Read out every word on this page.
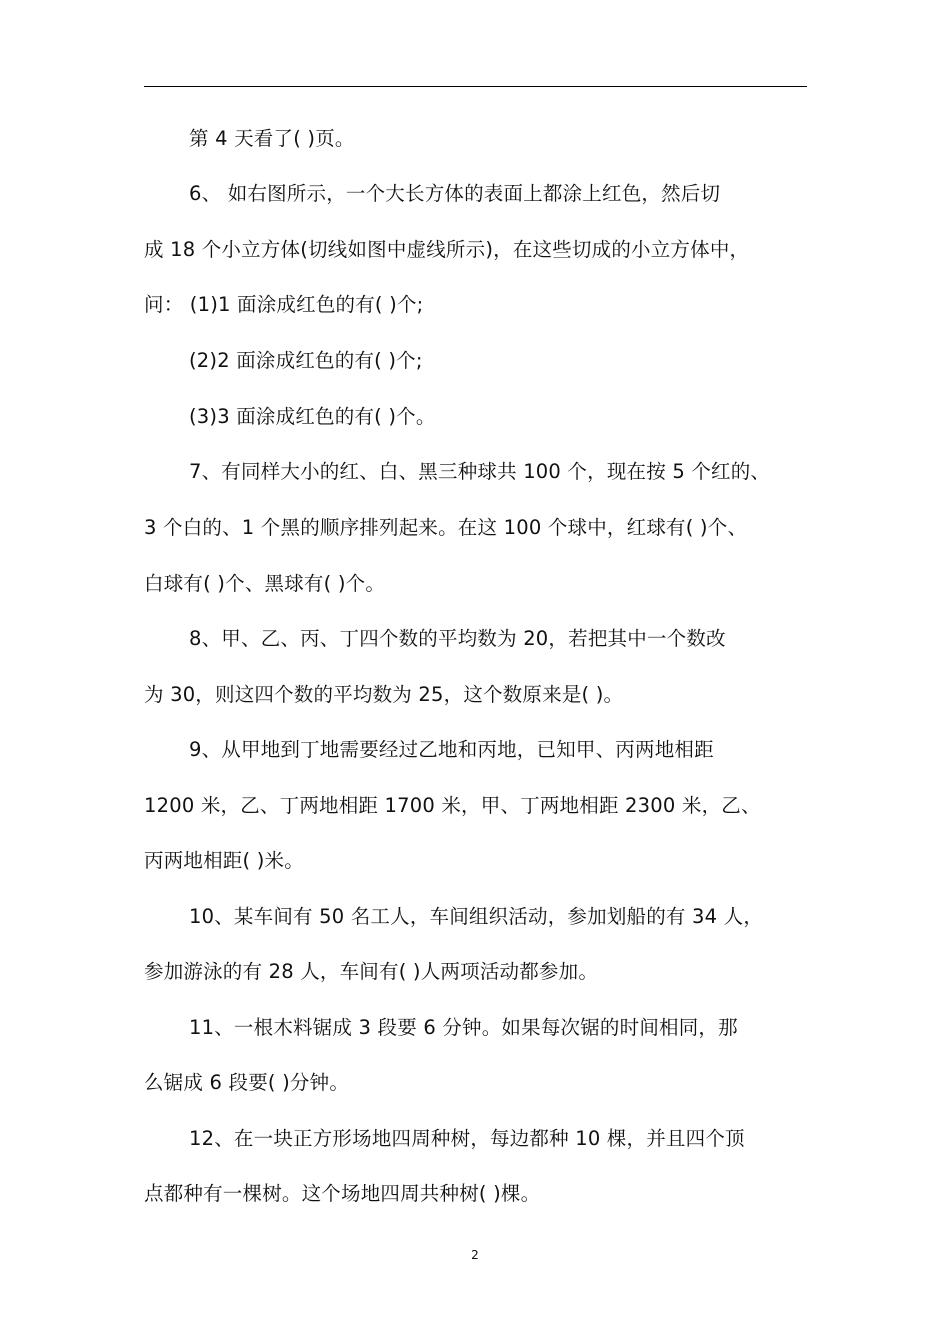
第 4 天看了( )页。
6、 如右图所示，一个大长方体的表面上都涂上红色，然后切
成 18 个小立方体(切线如图中虚线所示)，在这些切成的小立方体中，
问： (1)1 面涂成红色的有( )个;
(2)2 面涂成红色的有( )个;
(3)3 面涂成红色的有( )个。
7、有同样大小的红、白、黑三种球共 100 个，现在按 5 个红的、
3 个白的、1 个黑的顺序排列起来。在这 100 个球中，红球有( )个、
白球有( )个、黑球有( )个。
8、甲、乙、丙、丁四个数的平均数为 20，若把其中一个数改
为 30，则这四个数的平均数为 25，这个数原来是( )。
9、从甲地到丁地需要经过乙地和丙地，已知甲、丙两地相距
1200 米，乙、丁两地相距 1700 米，甲、丁两地相距 2300 米，乙、
丙两地相距( )米。
10、某车间有 50 名工人，车间组织活动，参加划船的有 34 人，
参加游泳的有 28 人，车间有( )人两项活动都参加。
11、一根木料锯成 3 段要 6 分钟。如果每次锯的时间相同，那
么锯成 6 段要( )分钟。
12、在一块正方形场地四周种树，每边都种 10 棵，并且四个顶
点都种有一棵树。这个场地四周共种树( )棵。
2
